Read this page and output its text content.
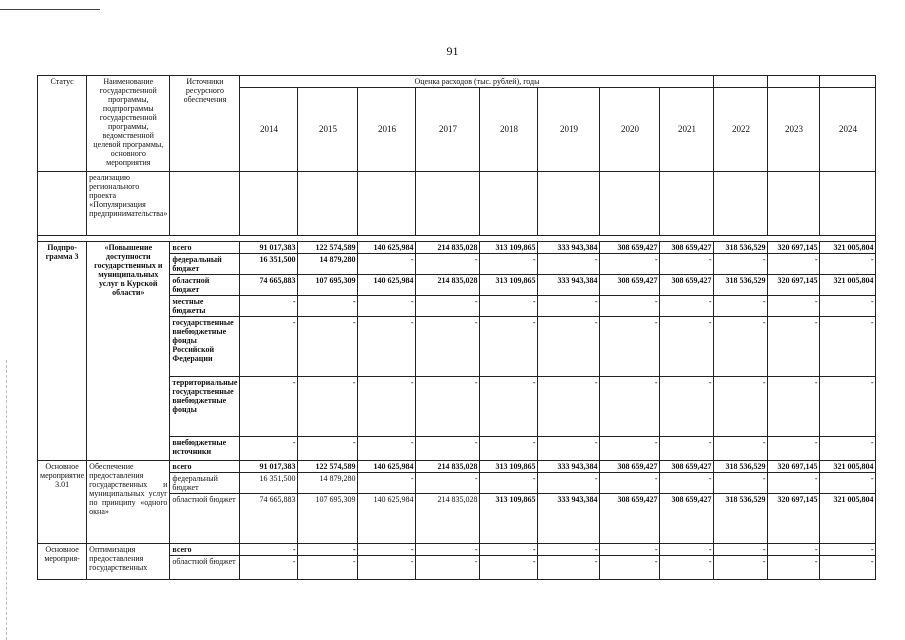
91
Статус	Наименование государственной программы, подпрограммы государственной программы, ведомственной целевой программы, основного мероприятия	Источники ресурсного обеспечения	Оценка расходов (тыс. рублей), годы										
			2014	2015	2016	2017	2018	2019	2020	2021	2022	2023	2024
	реализацию регионального проекта «Популяризация предпринимательства»												

Подпрограмма 3	«Повышение доступности государственных и муниципальных услуг в Курской области»	всего	91 017,383	122 574,589	140 625,984	214 835,028	313 109,865	333 943,384	308 659,427	308 659,427	318 536,529	320 697,145	321 005,804
		федеральный бюджет	16 351,500	14 879,280	-	-	-	-	-	-	-	-	-
		областной бюджет	74 665,883	107 695,309	140 625,984	214 835,028	313 109,865	333 943,384	308 659,427	308 659,427	318 536,529	320 697,145	321 005,804
		местные бюджеты	-	-	-	-	-	-	-	-	-	-	-
		государственные внебюджетные фонды Российской Федерации	-	-	-	-	-	-	-	-	-	-	-
		территориальные государственные внебюджетные фонды	-	-	-	-	-	-	-	-	-	-	-
		внебюджетные источники	-	-	-	-	-	-	-	-	-	-	-
Основное мероприятие 3.01	Обеспечение предоставления государственных и муниципальных услуг по принципу «одного окна»	всего	91 017,383	122 574,589	140 625,984	214 835,028	313 109,865	333 943,384	308 659,427	308 659,427	318 536,529	320 697,145	321 005,804
		федеральный бюджет	16 351,500	14 879,280	-	-	-	-	-	-	-	-	-
		областной бюджет	74 665,883	107 695,309	140 625,984	214 835,028	313 109,865	333 943,384	308 659,427	308 659,427	318 536,529	320 697,145	321 005,804
Основное мероприя-	Оптимизация предоставления государственных	всего	-	-	-	-	-	-	-	-	-	-	-
		областной бюджет	-	-	-	-	-	-	-	-	-	-	-
